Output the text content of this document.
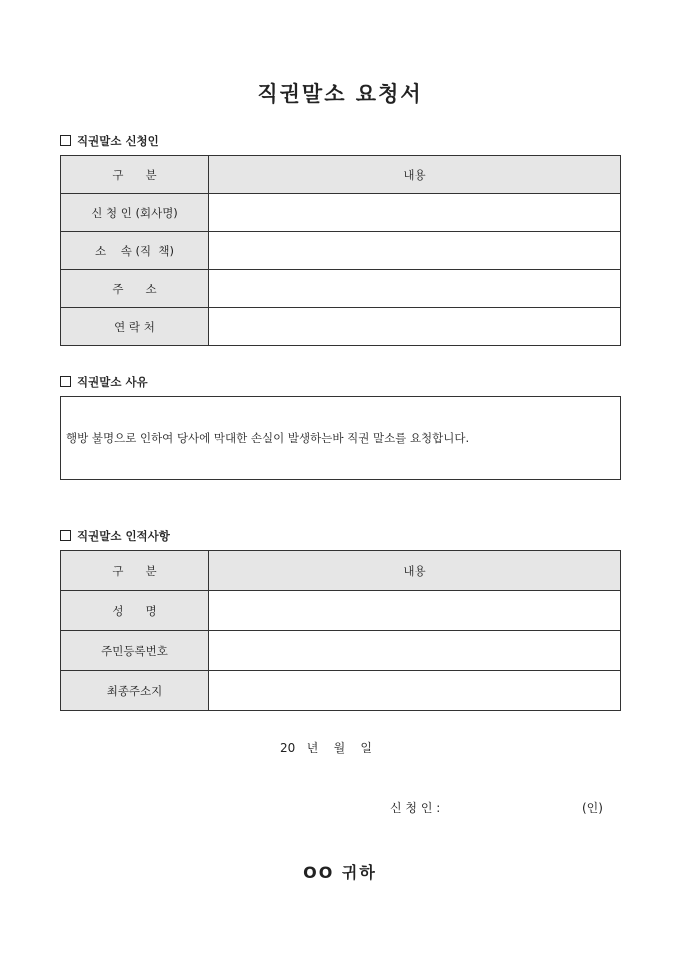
직권말소 요청서
직권말소 신청인
구      분	내용
신 청 인 (회사명)	
소    속 (직  책)	
주      소	
연 락 처	
직권말소 사유
행방 불명으로 인하여 당사에 막대한 손실이 발생하는바 직권 말소를 요청합니다.
직권말소 인적사항
구      분	내용
성      명	
주민등록번호	
최종주소지	
20   년    월    일
신 청 인 :	(인)
OO 귀하
